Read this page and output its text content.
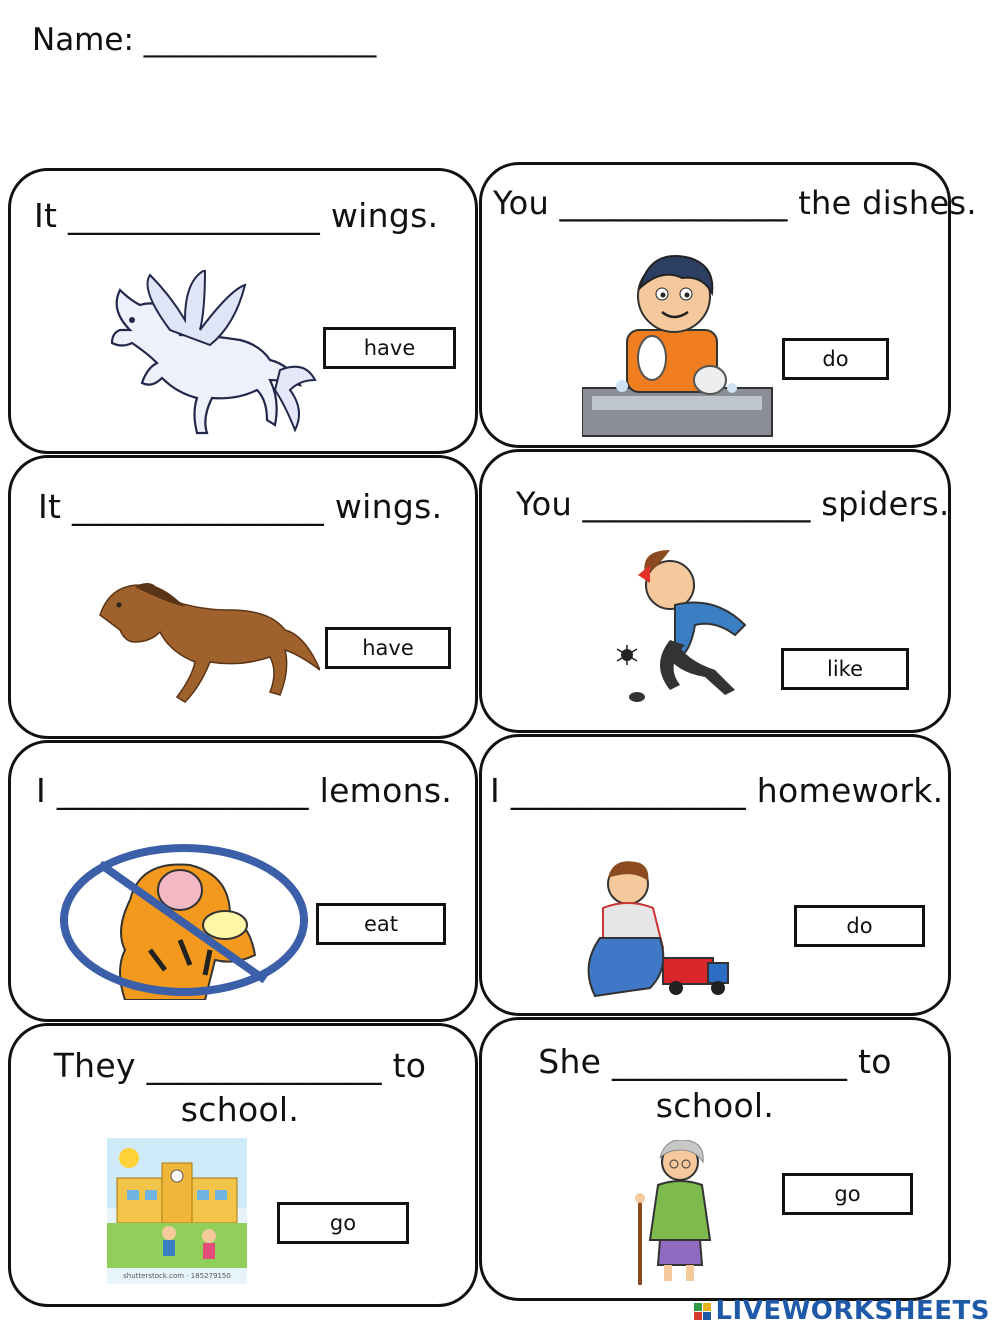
Name: _______________
It _______________ wings.
have
You ______________ the dishes.
do
It _______________ wings.
have
You ______________ spiders.
like
I _______________ lemons.
eat
I ______________ homework.
do
They ______________ to
school.
go
shutterstock.com · 185279150
She ______________ to
school.
go
LIVEWORKSHEETS
